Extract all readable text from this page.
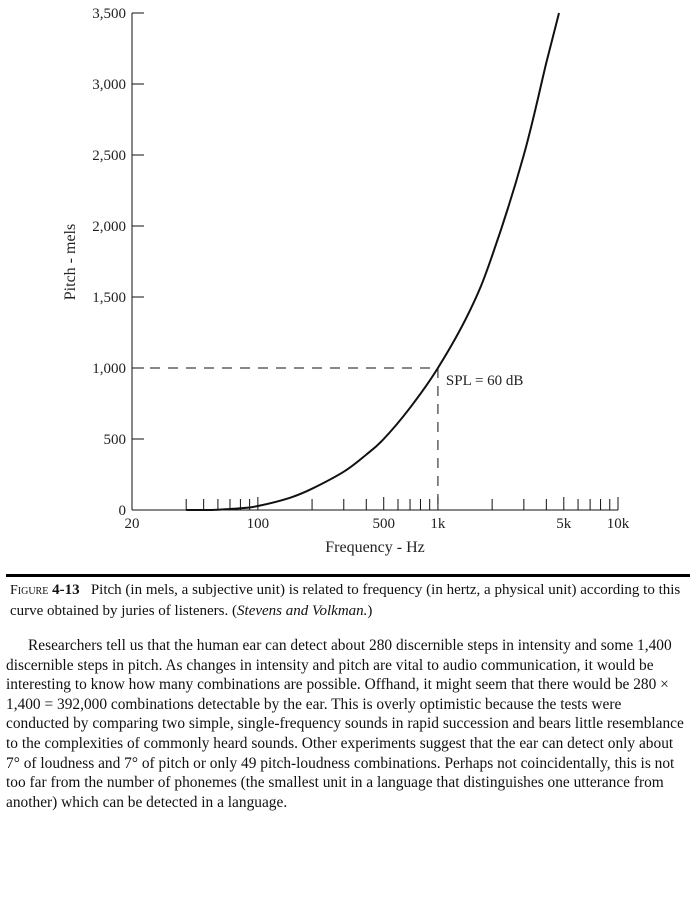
0
500
1,000
1,500
2,000
2,500
3,000
3,500
20	100	500 1k	5k 10k
SPL = 60 dB
Frequency - Hz
Pitch - mels
Figure 4-13 Pitch (in mels, a subjective unit) is related to frequency (in hertz, a physical unit) according to this curve obtained by juries of listeners. (Stevens and Volkman.)

Researchers tell us that the human ear can detect about 280 discernible steps in intensity and some 1,400 discernible steps in pitch. As changes in intensity and pitch are vital to audio communication, it would be interesting to know how many combinations are possible. Offhand, it might seem that there would be 280 × 1,400 = 392,000 combinations detectable by the ear. This is overly optimistic because the tests were conducted by comparing two simple, single-frequency sounds in rapid succession and bears little resemblance to the complexities of commonly heard sounds. Other experiments suggest that the ear can detect only about 7° of loudness and 7° of pitch or only 49 pitch-loudness combinations. Perhaps not coincidentally, this is not too far from the number of phonemes (the smallest unit in a language that distinguishes one utterance from another) which can be detected in a language.
